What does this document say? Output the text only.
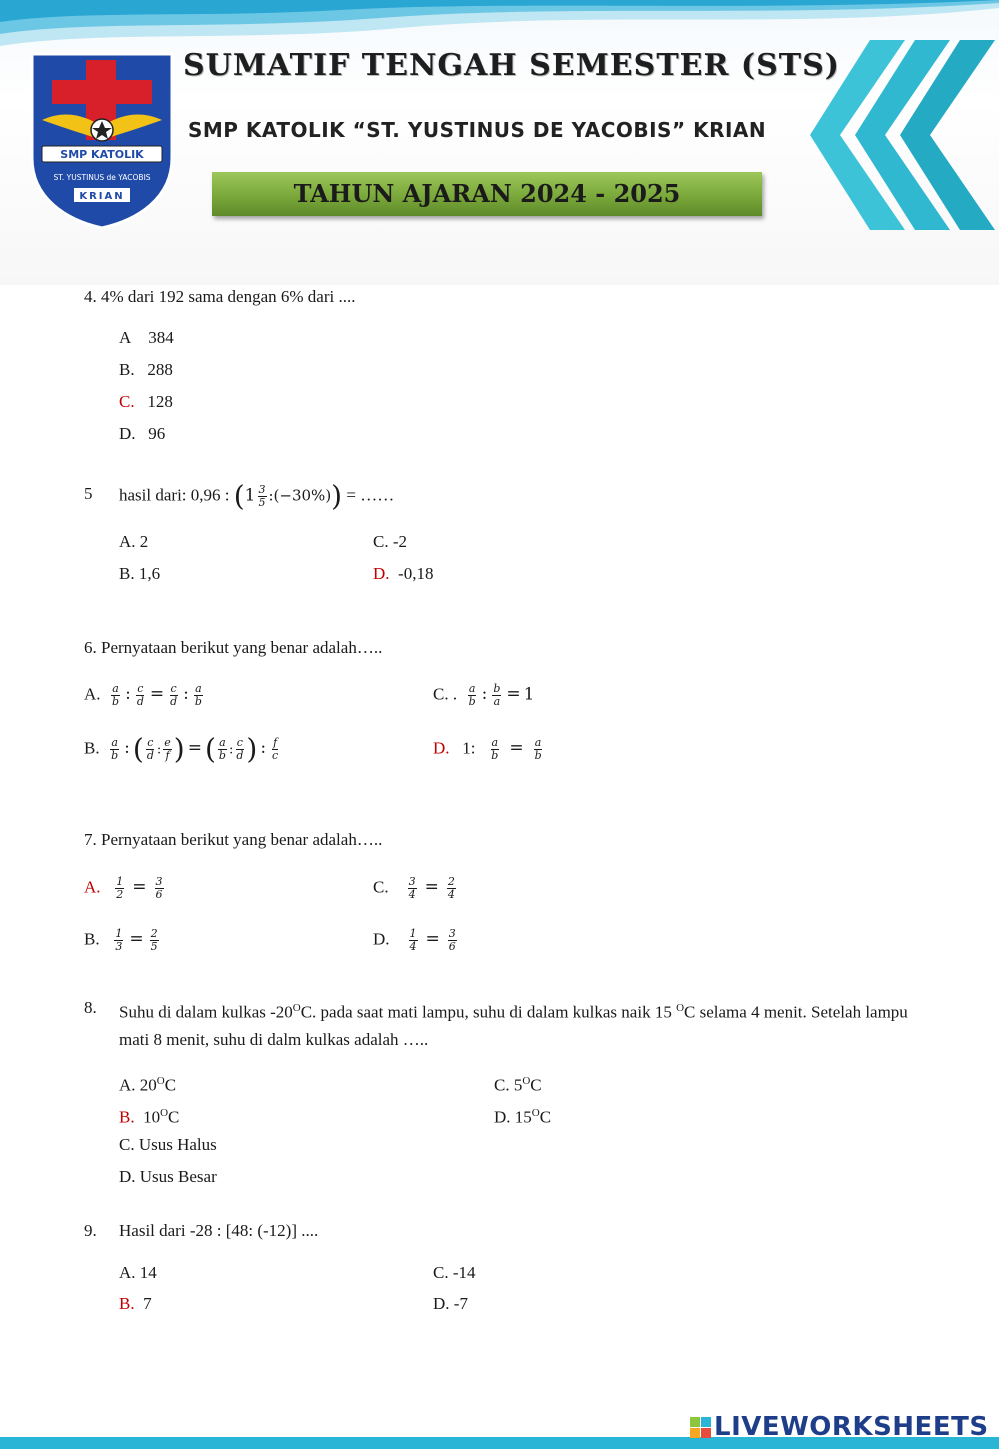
SMP KATOLIK
ST. YUSTINUS de YACOBIS
KRIAN
SUMATIF TENGAH SEMESTER (STS)
SMP KATOLIK “ST. YUSTINUS DE YACOBIS” KRIAN
TAHUN AJARAN 2024 - 2025
4. 4% dari 192 sama dengan 6% dari ....
A 384
B. 288
C. 128
D. 96
5 hasil dari: 0,96 : ($1 \frac{3}{5}$ :(−30%)) = ……
A. 2
B. 1,6
C. -2
D. -0,18
6. Pernyataan berikut yang benar adalah…..
A. $\frac{a}{b}$ : $\frac{c}{d} = \frac{c}{d}$ : $\frac{a}{b}$	C. . $\frac{a}{b}$ : $\frac{b}{a} = 1$
B. $\frac{a}{b}$ : ( $\frac{c}{d}$ : $\frac{e}{f}$ ) = ( $\frac{a}{b}$ : $\frac{c}{d}$ ) : $\frac{f}{c}$	D. 1: $\frac{a}{b} = \frac{a}{b}$
7. Pernyataan berikut yang benar adalah…..
A. $\frac{1}{2} = \frac{3}{6}$	C. $\frac{3}{4} = \frac{2}{4}$
B. $\frac{1}{3} = \frac{2}{5}$	D. $\frac{1}{4} = \frac{3}{6}$
8. Suhu di dalam kulkas $-20^OC$. pada saat mati lampu, suhu di dalam kulkas naik 15 $^O$C selama 4 menit. Setelah lampu
mati 8 menit, suhu di dalm kulkas adalah …..
A. $20^OC$
B. $10^OC$
C. $5^OC$
D. $15^OC$
C. Usus Halus
D. Usus Besar
9. Hasil dari -28 : [48: (-12)] ....
A. 14
B. 7
C. -14
D. -7
LIVEWORKSHEETS
